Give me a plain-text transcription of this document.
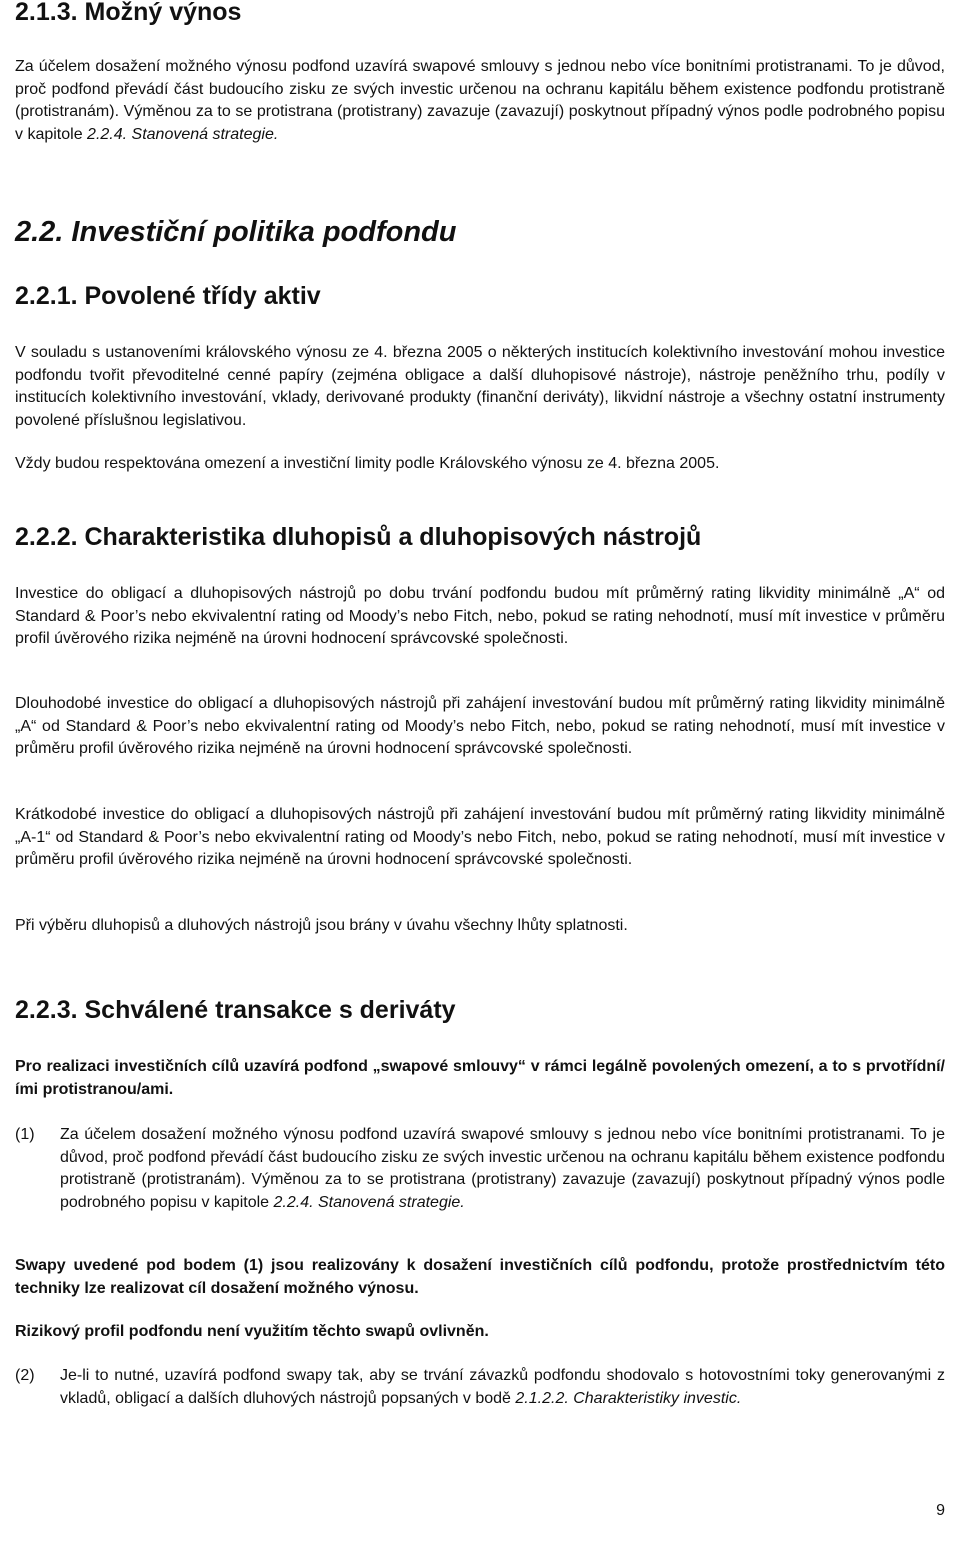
2.1.3. Možný výnos

Za účelem dosažení možného výnosu podfond uzavírá swapové smlouvy s jednou nebo více bonitními protistranami. To je důvod, proč podfond převádí část budoucího zisku ze svých investic určenou na ochranu kapitálu během existence podfondu protistraně (protistranám). Výměnou za to se protistrana (protistrany) zavazuje (zavazují) poskytnout případný výnos podle podrobného popisu v kapitole 2.2.4. Stanovená strategie.

2.2. Investiční politika podfondu
2.2.1. Povolené třídy aktiv

V souladu s ustanoveními královského výnosu ze 4. března 2005 o některých institucích kolektivního investování mohou investice podfondu tvořit převoditelné cenné papíry (zejména obligace a další dluhopisové nástroje), nástroje peněžního trhu, podíly v institucích kolektivního investování, vklady, derivované produkty (finanční deriváty), likvidní nástroje a všechny ostatní instrumenty povolené příslušnou legislativou.

Vždy budou respektována omezení a investiční limity podle Královského výnosu ze 4. března 2005.

2.2.2. Charakteristika dluhopisů a dluhopisových nástrojů

Investice do obligací a dluhopisových nástrojů po dobu trvání podfondu budou mít průměrný rating likvidity minimálně „A“ od Standard & Poor’s nebo ekvivalentní rating od Moody’s nebo Fitch, nebo, pokud se rating nehodnotí, musí mít investice v průměru profil úvěrového rizika nejméně na úrovni hodnocení správcovské společnosti.

Dlouhodobé investice do obligací a dluhopisových nástrojů při zahájení investování budou mít průměrný rating likvidity minimálně „A“ od Standard & Poor’s nebo ekvivalentní rating od Moody’s nebo Fitch, nebo, pokud se rating nehodnotí, musí mít investice v průměru profil úvěrového rizika nejméně na úrovni hodnocení správcovské společnosti.

Krátkodobé investice do obligací a dluhopisových nástrojů při zahájení investování budou mít průměrný rating likvidity minimálně „A-1“ od Standard & Poor’s nebo ekvivalentní rating od Moody’s nebo Fitch, nebo, pokud se rating nehodnotí, musí mít investice v průměru profil úvěrového rizika nejméně na úrovni hodnocení správcovské společnosti.

Při výběru dluhopisů a dluhových nástrojů jsou brány v úvahu všechny lhůty splatnosti.

2.2.3. Schválené transakce s deriváty

Pro realizaci investičních cílů uzavírá podfond „swapové smlouvy“ v rámci legálně povolených omezení, a to s prvotřídní/ími protistranou/ami.

(1) Za účelem dosažení možného výnosu podfond uzavírá swapové smlouvy s jednou nebo více bonitními protistranami. To je důvod, proč podfond převádí část budoucího zisku ze svých investic určenou na ochranu kapitálu během existence podfondu protistraně (protistranám). Výměnou za to se protistrana (protistrany) zavazuje (zavazují) poskytnout případný výnos podle podrobného popisu v kapitole 2.2.4. Stanovená strategie.

Swapy uvedené pod bodem (1) jsou realizovány k dosažení investičních cílů podfondu, protože prostřednictvím této techniky lze realizovat cíl dosažení možného výnosu.

Rizikový profil podfondu není využitím těchto swapů ovlivněn.

(2) Je-li to nutné, uzavírá podfond swapy tak, aby se trvání závazků podfondu shodovalo s hotovostními toky generovanými z vkladů, obligací a dalších dluhových nástrojů popsaných v bodě 2.1.2.2. Charakteristiky investic.

9
